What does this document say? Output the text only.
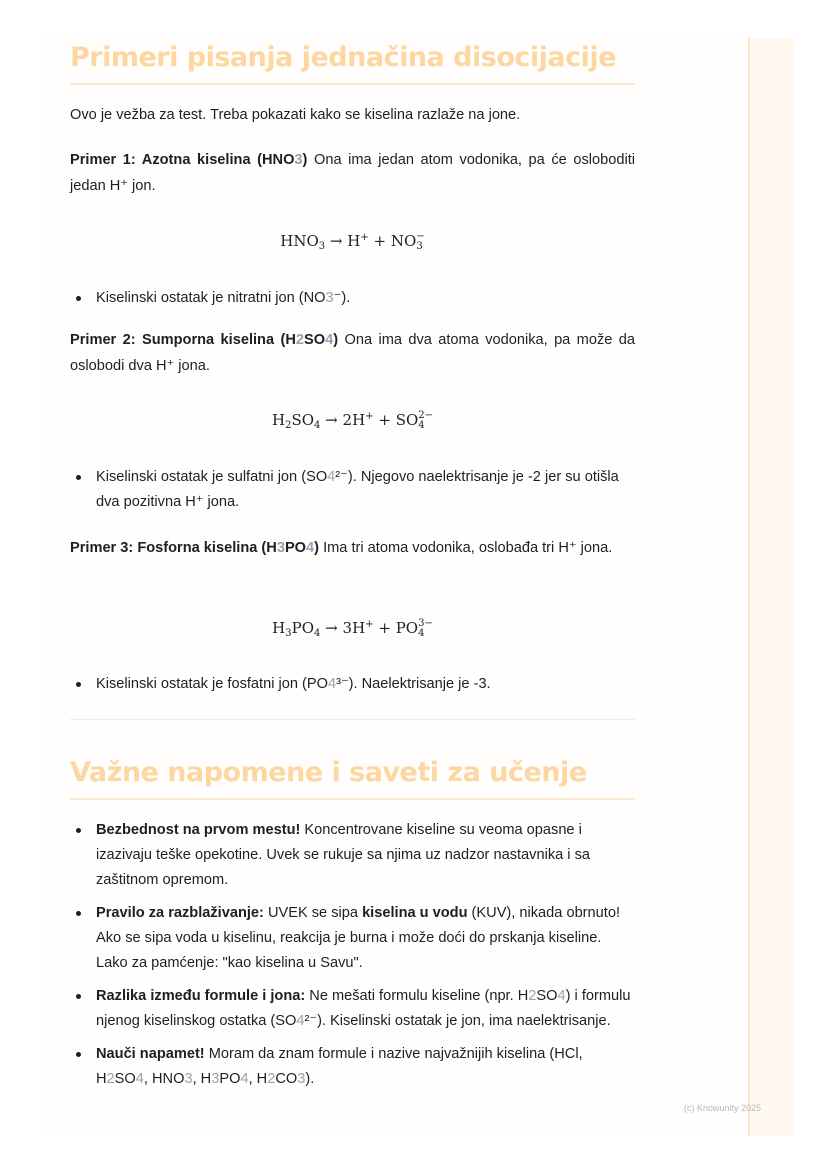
Primeri pisanja jednačina disocijacije

Ovo je vežba za test. Treba pokazati kako se kiselina razlaže na jone.

Primer 1: Azotna kiselina (HNO3) Ona ima jedan atom vodonika, pa će osloboditi jedan H⁺ jon.

$HNO_3 \to H^+ + NO-$
3
Kiselinski ostatak je nitratni jon (NO3⁻).

Primer 2: Sumporna kiselina (H2SO4) Ona ima dva atoma vodonika, pa može da oslobodi dva H⁺ jona.

$H_2SO_4 \to 2H^+ + SO2-$
4
Kiselinski ostatak je sulfatni jon (SO4²⁻). Njegovo naelektrisanje je -2 jer su otišla dva pozitivna H⁺ jona.

Primer 3: Fosforna kiselina (H3PO4) Ima tri atoma vodonika, oslobađa tri H⁺ jona.

$H_3PO_4 \to 3H^+ + PO3-$
4
Kiselinski ostatak je fosfatni jon (PO4³⁻). Naelektrisanje je -3.
Važne napomene i saveti za učenje
Bezbednost na prvom mestu! Koncentrovane kiseline su veoma opasne i izazivaju teške opekotine. Uvek se rukuje sa njima uz nadzor nastavnika i sa zaštitnom opremom.
Pravilo za razblaživanje: UVEK se sipa kiselina u vodu (KUV), nikada obrnuto! Ako se sipa voda u kiselinu, reakcija je burna i može doći do prskanja kiseline. Lako za pamćenje: "kao kiselina u Savu".
Razlika između formule i jona: Ne mešati formulu kiseline (npr. H2SO4) i formulu njenog kiselinskog ostatka (SO4²⁻). Kiselinski ostatak je jon, ima naelektrisanje.
Nauči napamet! Moram da znam formule i nazive najvažnijih kiselina (HCl, H2SO4, HNO3, H3PO4, H2CO3).
(c) Knowunity 2025
